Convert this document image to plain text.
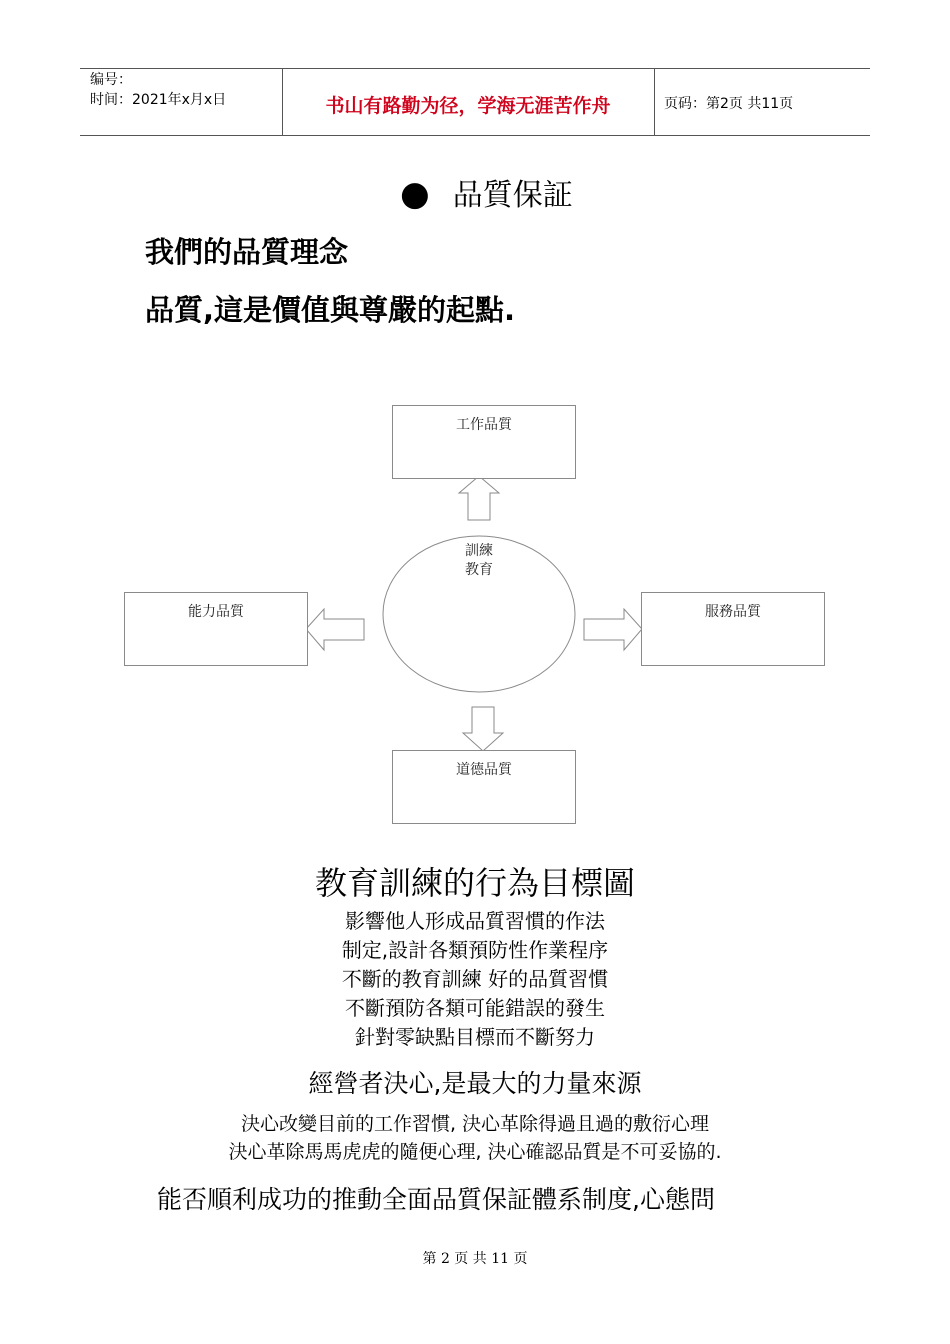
编号：
时间：2021年x月x日	书山有路勤为径，学海无涯苦作舟	页码：第2页 共11页
● 品質保証
我們的品質理念
品質,這是價值與尊嚴的起點.
訓練
教育
工作品質
能力品質	服務品質
道德品質
教育訓練的行為目標圖
影響他人形成品質習慣的作法
制定,設計各類預防性作業程序
不斷的教育訓練 好的品質習慣
不斷預防各類可能錯誤的發生
針對零缺點目標而不斷努力
經營者決心,是最大的力量來源
決心改變目前的工作習慣, 決心革除得過且過的敷衍心理
決心革除馬馬虎虎的隨便心理, 決心確認品質是不可妥協的.
能否順利成功的推動全面品質保証體系制度,心態問
第 2 页 共 11 页
